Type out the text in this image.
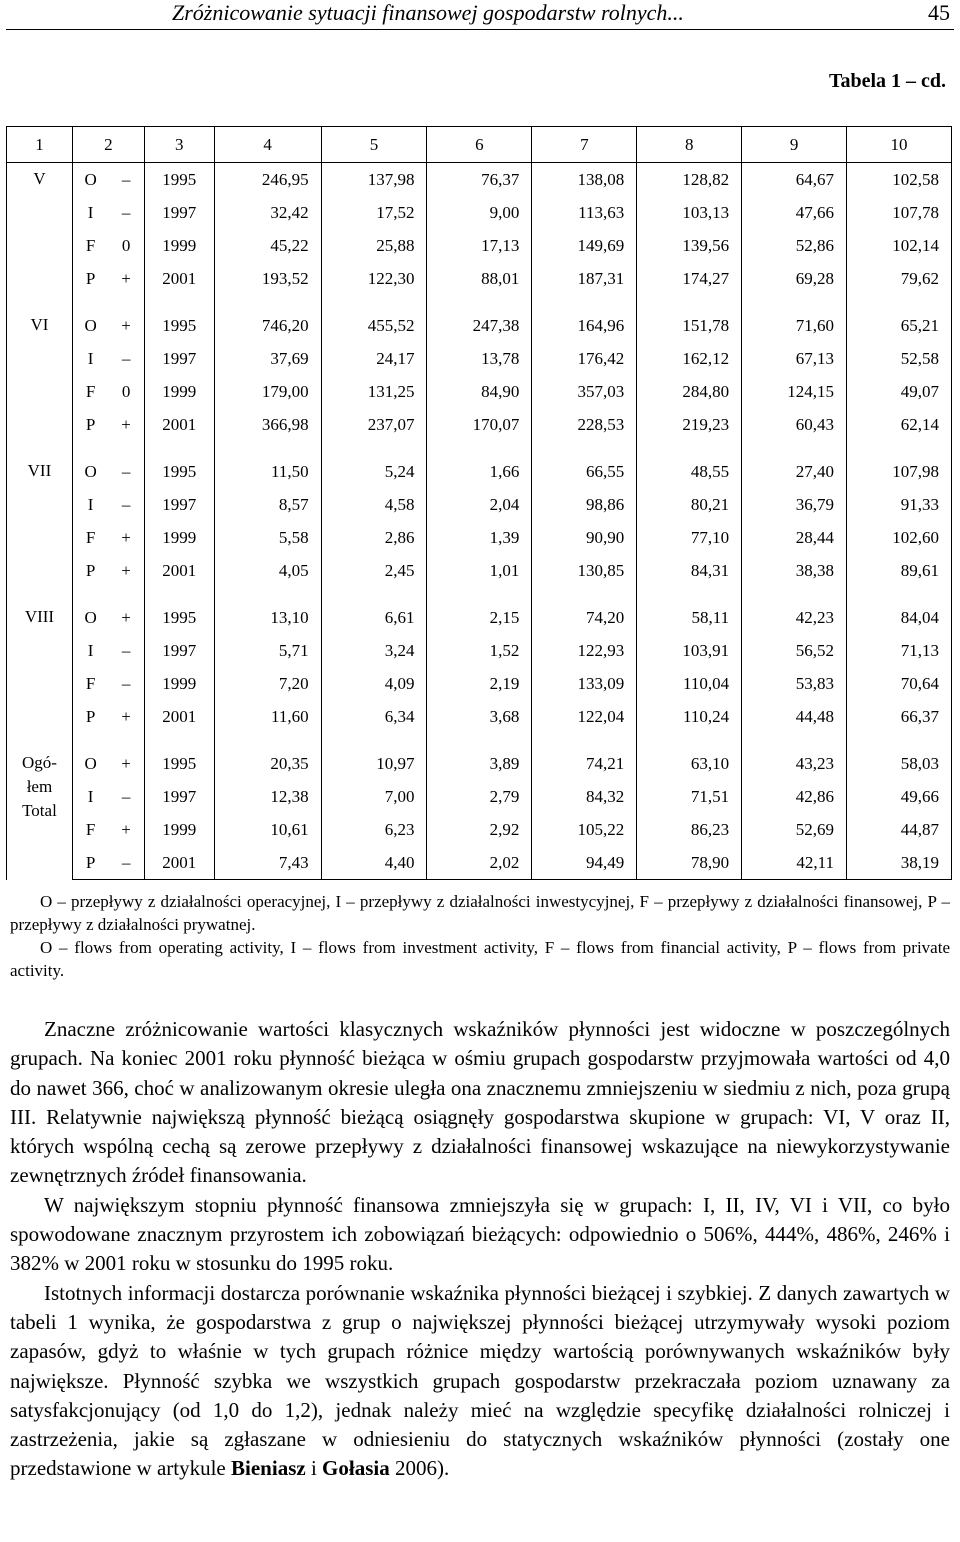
Zróżnicowanie sytuacji finansowej gospodarstw rolnych...	45
Tabela 1 – cd.
1	2		3	4	5	6	7	8	9	10

V	O	–	1995	246,95	137,98	76,37	138,08	128,82	64,67	102,58
	I	–	1997	32,42	17,52	9,00	113,63	103,13	47,66	107,78
	F	0	1999	45,22	25,88	17,13	149,69	139,56	52,86	102,14
	P	+	2001	193,52	122,30	88,01	187,31	174,27	69,28	79,62

VI	O	+	1995	746,20	455,52	247,38	164,96	151,78	71,60	65,21
	I	–	1997	37,69	24,17	13,78	176,42	162,12	67,13	52,58
	F	0	1999	179,00	131,25	84,90	357,03	284,80	124,15	49,07
	P	+	2001	366,98	237,07	170,07	228,53	219,23	60,43	62,14

VII	O	–	1995	11,50	5,24	1,66	66,55	48,55	27,40	107,98
	I	–	1997	8,57	4,58	2,04	98,86	80,21	36,79	91,33
	F	+	1999	5,58	2,86	1,39	90,90	77,10	28,44	102,60
	P	+	2001	4,05	2,45	1,01	130,85	84,31	38,38	89,61

VIII	O	+	1995	13,10	6,61	2,15	74,20	58,11	42,23	84,04
	I	–	1997	5,71	3,24	1,52	122,93	103,91	56,52	71,13
	F	–	1999	7,20	4,09	2,19	133,09	110,04	53,83	70,64
	P	+	2001	11,60	6,34	3,68	122,04	110,24	44,48	66,37

Ogó-
łem
Total	O	+	1995	20,35	10,97	3,89	74,21	63,10	43,23	58,03
	I	–	1997	12,38	7,00	2,79	84,32	71,51	42,86	49,66
	F	+	1999	10,61	6,23	2,92	105,22	86,23	52,69	44,87
	P	–	2001	7,43	4,40	2,02	94,49	78,90	42,11	38,19

O – przepływy z działalności operacyjnej, I – przepływy z działalności inwestycyjnej, F – przepływy z działalności finansowej, P – przepływy z działalności prywatnej.

O – flows from operating activity, I – flows from investment activity, F – flows from financial activity, P – flows from private activity.

Znaczne zróżnicowanie wartości klasycznych wskaźników płynności jest widoczne w poszczególnych grupach. Na koniec 2001 roku płynność bieżąca w ośmiu grupach gospodarstw przyjmowała wartości od 4,0 do nawet 366, choć w analizowanym okresie uległa ona znacznemu zmniejszeniu w siedmiu z nich, poza grupą III. Relatywnie największą płynność bieżącą osiągnęły gospodarstwa skupione w grupach: VI, V oraz II, których wspólną cechą są zerowe przepływy z działalności finansowej wskazujące na niewykorzystywanie zewnętrznych źródeł finansowania.

W największym stopniu płynność finansowa zmniejszyła się w grupach: I, II, IV, VI i VII, co było spowodowane znacznym przyrostem ich zobowiązań bieżących: odpowiednio o 506%, 444%, 486%, 246% i 382% w 2001 roku w stosunku do 1995 roku.

Istotnych informacji dostarcza porównanie wskaźnika płynności bieżącej i szybkiej. Z danych zawartych w tabeli 1 wynika, że gospodarstwa z grup o największej płynności bieżącej utrzymywały wysoki poziom zapasów, gdyż to właśnie w tych grupach różnice między wartością porównywanych wskaźników były największe. Płynność szybka we wszystkich grupach gospodarstw przekraczała poziom uznawany za satysfakcjonujący (od 1,0 do 1,2), jednak należy mieć na względzie specyfikę działalności rolniczej i zastrzeżenia, jakie są zgłaszane w odniesieniu do statycznych wskaźników płynności (zostały one przedstawione w artykule Bieniasz i Gołasia 2006).
